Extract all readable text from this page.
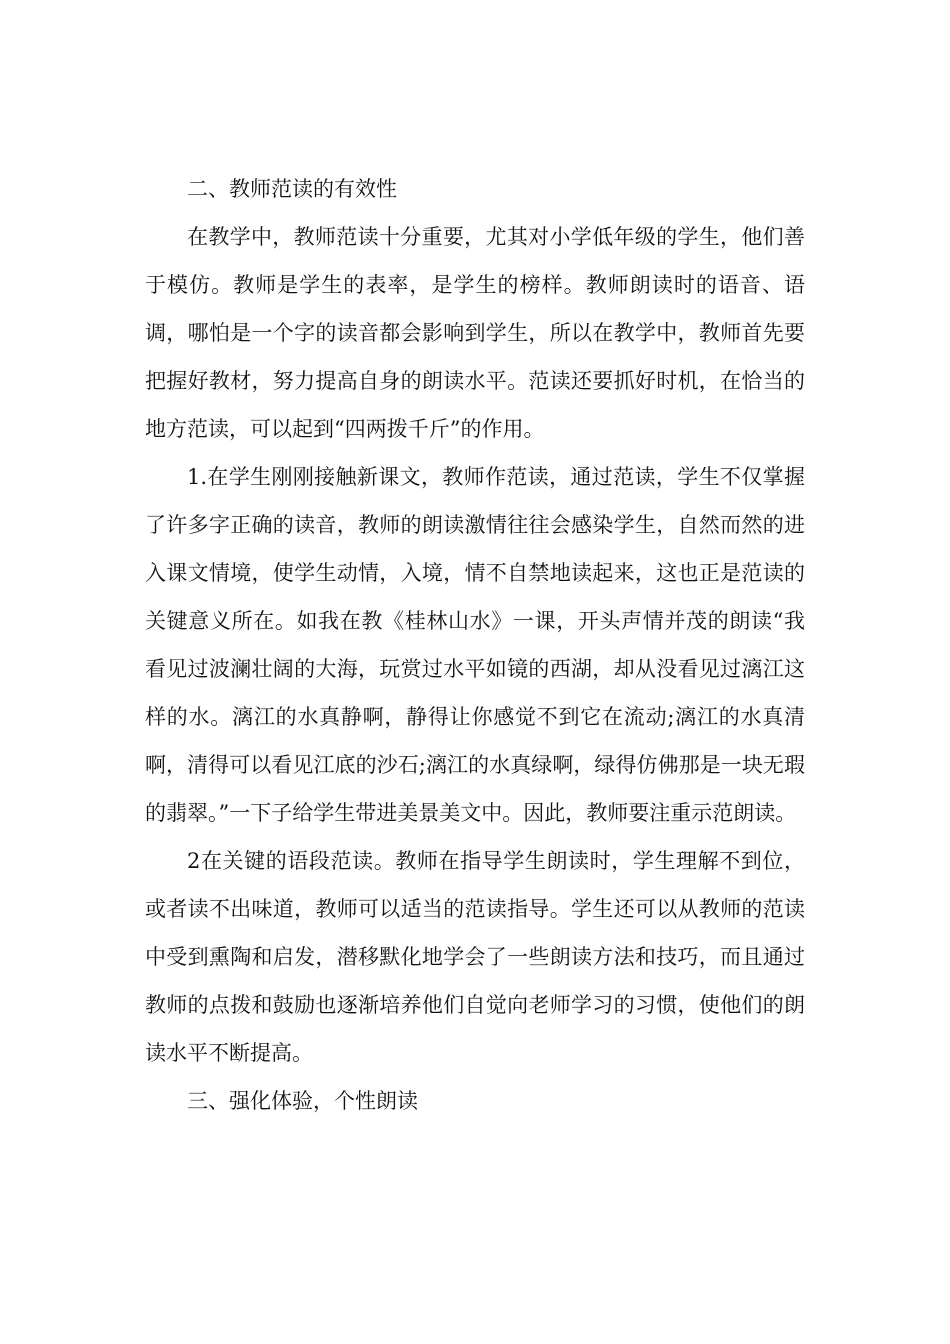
二、教师范读的有效性

在教学中，教师范读十分重要，尤其对小学低年级的学生，他们善于模仿。教师是学生的表率，是学生的榜样。教师朗读时的语音、语调，哪怕是一个字的读音都会影响到学生，所以在教学中，教师首先要把握好教材，努力提高自身的朗读水平。范读还要抓好时机，在恰当的地方范读，可以起到“四两拨千斤”的作用。

1.在学生刚刚接触新课文，教师作范读，通过范读，学生不仅掌握了许多字正确的读音，教师的朗读激情往往会感染学生，自然而然的进入课文情境，使学生动情，入境，情不自禁地读起来，这也正是范读的关键意义所在。如我在教《桂林山水》一课，开头声情并茂的朗读“我看见过波澜壮阔的大海，玩赏过水平如镜的西湖，却从没看见过漓江这样的水。漓江的水真静啊，静得让你感觉不到它在流动;漓江的水真清啊，清得可以看见江底的沙石;漓江的水真绿啊，绿得仿佛那是一块无瑕的翡翠。”一下子给学生带进美景美文中。因此，教师要注重示范朗读。

2在关键的语段范读。教师在指导学生朗读时，学生理解不到位，或者读不出味道，教师可以适当的范读指导。学生还可以从教师的范读中受到熏陶和启发，潜移默化地学会了一些朗读方法和技巧，而且通过教师的点拨和鼓励也逐渐培养他们自觉向老师学习的习惯，使他们的朗读水平不断提高。

三、强化体验，个性朗读
